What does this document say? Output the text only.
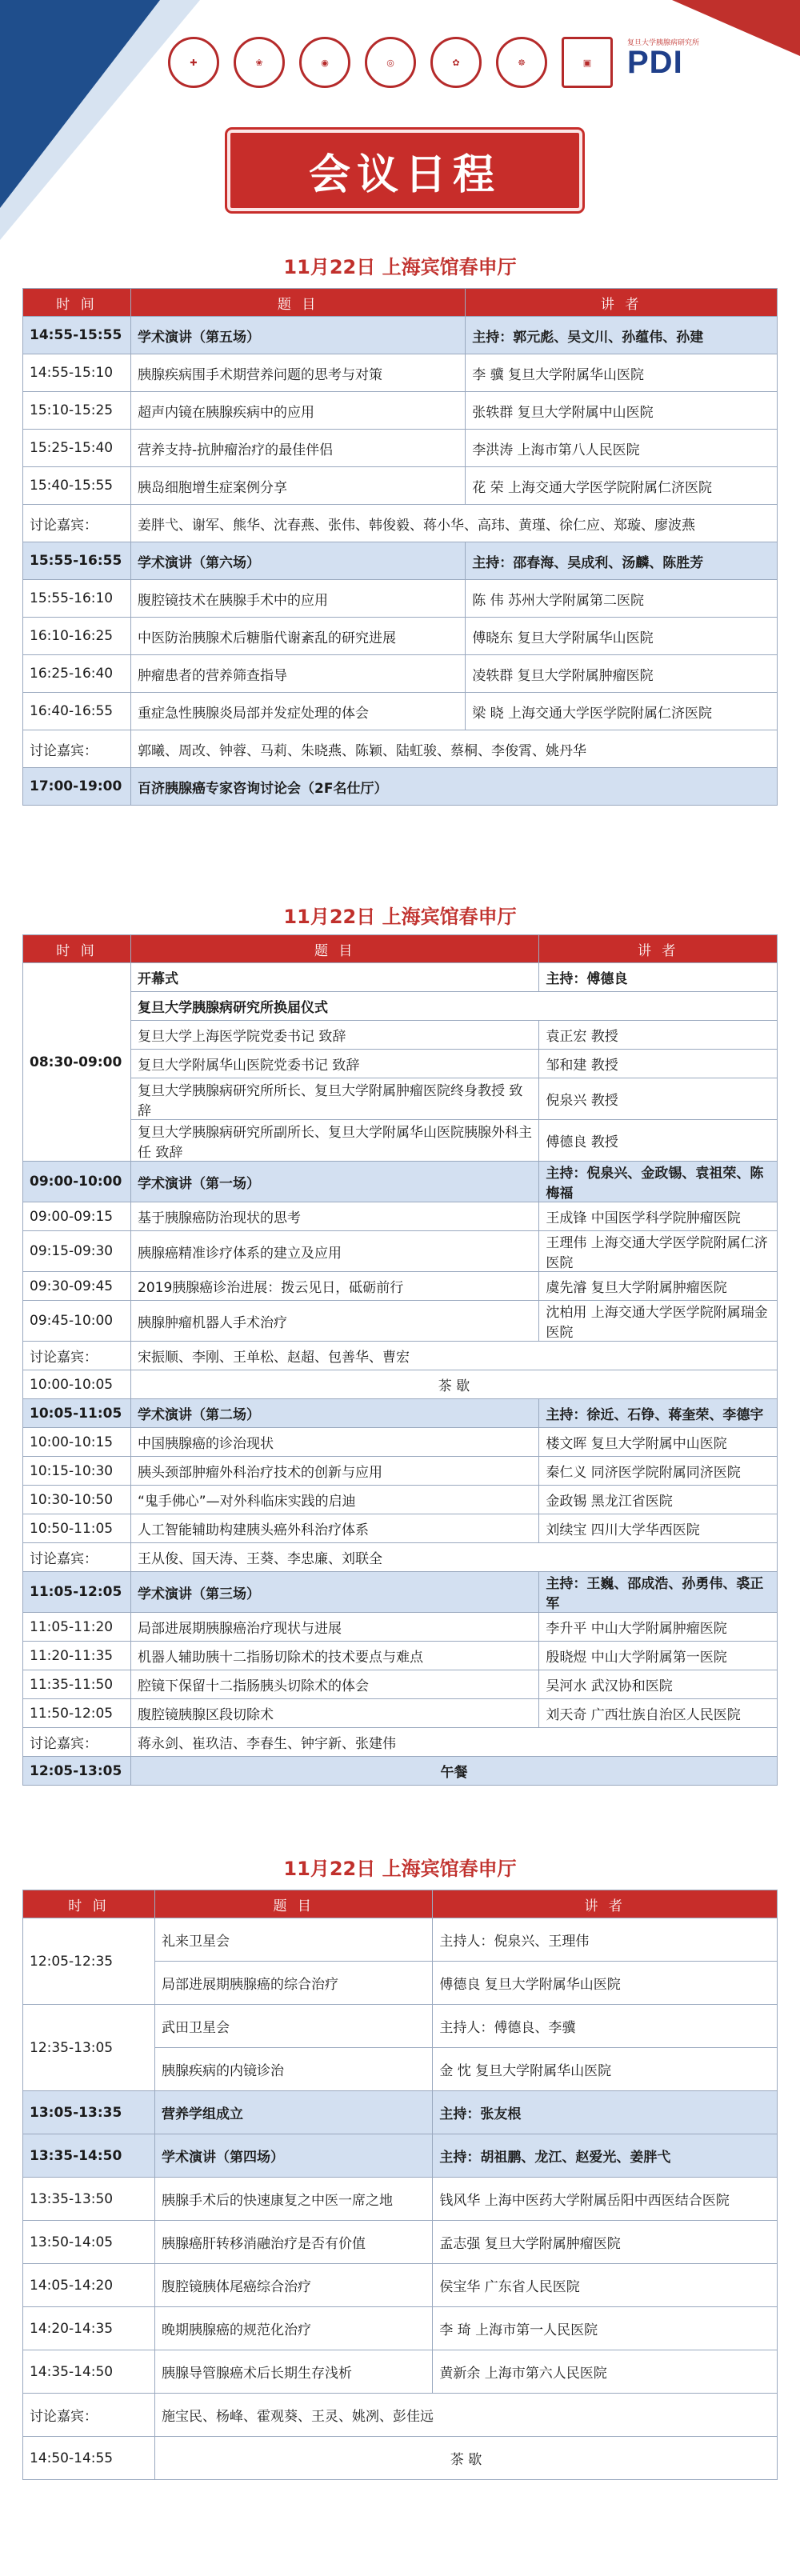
✚	❀	◉	◎	✿	☸	▣
复旦大学胰腺病研究所
PDI
会议日程
11月22日 上海宾馆春申厅
时 间	题 目	讲 者
14:55-15:55	学术演讲（第五场）	主持：郭元彪、吴文川、孙蕴伟、孙建
14:55-15:10	胰腺疾病围手术期营养问题的思考与对策	李 骥 复旦大学附属华山医院
15:10-15:25	超声内镜在胰腺疾病中的应用	张轶群 复旦大学附属中山医院
15:25-15:40	营养支持-抗肿瘤治疗的最佳伴侣	李洪涛 上海市第八人民医院
15:40-15:55	胰岛细胞增生症案例分享	花 荣 上海交通大学医学院附属仁济医院
讨论嘉宾：	姜胖弋、谢军、熊华、沈春燕、张伟、韩俊毅、蒋小华、高玮、黄瑾、徐仁应、郑璇、廖波燕	
15:55-16:55	学术演讲（第六场）	主持：邵春海、吴成利、汤麟、陈胜芳
15:55-16:10	腹腔镜技术在胰腺手术中的应用	陈 伟 苏州大学附属第二医院
16:10-16:25	中医防治胰腺术后糖脂代谢紊乱的研究进展	傅晓东 复旦大学附属华山医院
16:25-16:40	肿瘤患者的营养筛查指导	凌轶群 复旦大学附属肿瘤医院
16:40-16:55	重症急性胰腺炎局部并发症处理的体会	梁 晓 上海交通大学医学院附属仁济医院
讨论嘉宾：	郭曦、周改、钟蓉、马莉、朱晓燕、陈颖、陆虹骏、蔡桐、李俊霄、姚丹华	
17:00-19:00	百济胰腺癌专家咨询讨论会（2F名仕厅）	
11月22日 上海宾馆春申厅
时 间	题 目	讲 者
08:30-09:00	开幕式	主持：傅德良
	复旦大学胰腺病研究所换届仪式	
	复旦大学上海医学院党委书记 致辞	袁正宏 教授
	复旦大学附属华山医院党委书记 致辞	邹和建 教授
	复旦大学胰腺病研究所所长、复旦大学附属肿瘤医院终身教授 致辞	倪泉兴 教授
	复旦大学胰腺病研究所副所长、复旦大学附属华山医院胰腺外科主任 致辞	傅德良 教授
09:00-10:00	学术演讲（第一场）	主持：倪泉兴、金政锡、袁祖荣、陈梅福
09:00-09:15	基于胰腺癌防治现状的思考	王成锋 中国医学科学院肿瘤医院
09:15-09:30	胰腺癌精准诊疗体系的建立及应用	王理伟 上海交通大学医学院附属仁济医院
09:30-09:45	2019胰腺癌诊治进展：拨云见日，砥砺前行	虞先濬 复旦大学附属肿瘤医院
09:45-10:00	胰腺肿瘤机器人手术治疗	沈柏用 上海交通大学医学院附属瑞金医院
讨论嘉宾：	宋振顺、李刚、王单松、赵超、包善华、曹宏	
10:00-10:05	茶 歇	
10:05-11:05	学术演讲（第二场）	主持：徐近、石铮、蒋奎荣、李德宇
10:00-10:15	中国胰腺癌的诊治现状	楼文晖 复旦大学附属中山医院
10:15-10:30	胰头颈部肿瘤外科治疗技术的创新与应用	秦仁义 同济医学院附属同济医院
10:30-10:50	“鬼手佛心”—对外科临床实践的启迪	金政锡 黑龙江省医院
10:50-11:05	人工智能辅助构建胰头癌外科治疗体系	刘续宝 四川大学华西医院
讨论嘉宾：	王从俊、国天涛、王葵、李忠廉、刘联全	
11:05-12:05	学术演讲（第三场）	主持：王巍、邵成浩、孙勇伟、裘正军
11:05-11:20	局部进展期胰腺癌治疗现状与进展	李升平 中山大学附属肿瘤医院
11:20-11:35	机器人辅助胰十二指肠切除术的技术要点与难点	殷晓煜 中山大学附属第一医院
11:35-11:50	腔镜下保留十二指肠胰头切除术的体会	吴河水 武汉协和医院
11:50-12:05	腹腔镜胰腺区段切除术	刘天奇 广西壮族自治区人民医院
讨论嘉宾：	蒋永剑、崔玖洁、李春生、钟宇新、张建伟	
12:05-13:05	午餐	
11月22日 上海宾馆春申厅
时 间	题 目	讲 者
12:05-12:35	礼来卫星会	主持人：倪泉兴、王理伟
	局部进展期胰腺癌的综合治疗	傅德良 复旦大学附属华山医院
12:35-13:05	武田卫星会	主持人：傅德良、李骥
	胰腺疾病的内镜诊治	金 忱 复旦大学附属华山医院
13:05-13:35	营养学组成立	主持：张友根
13:35-14:50	学术演讲（第四场）	主持：胡祖鹏、龙江、赵爱光、姜胖弋
13:35-13:50	胰腺手术后的快速康复之中医一席之地	钱风华 上海中医药大学附属岳阳中西医结合医院
13:50-14:05	胰腺癌肝转移消融治疗是否有价值	孟志强 复旦大学附属肿瘤医院
14:05-14:20	腹腔镜胰体尾癌综合治疗	侯宝华 广东省人民医院
14:20-14:35	晚期胰腺癌的规范化治疗	李 琦 上海市第一人民医院
14:35-14:50	胰腺导管腺癌术后长期生存浅析	黄新余 上海市第六人民医院
讨论嘉宾：	施宝民、杨峰、霍观葵、王灵、姚冽、彭佳远	
14:50-14:55	茶 歇	
